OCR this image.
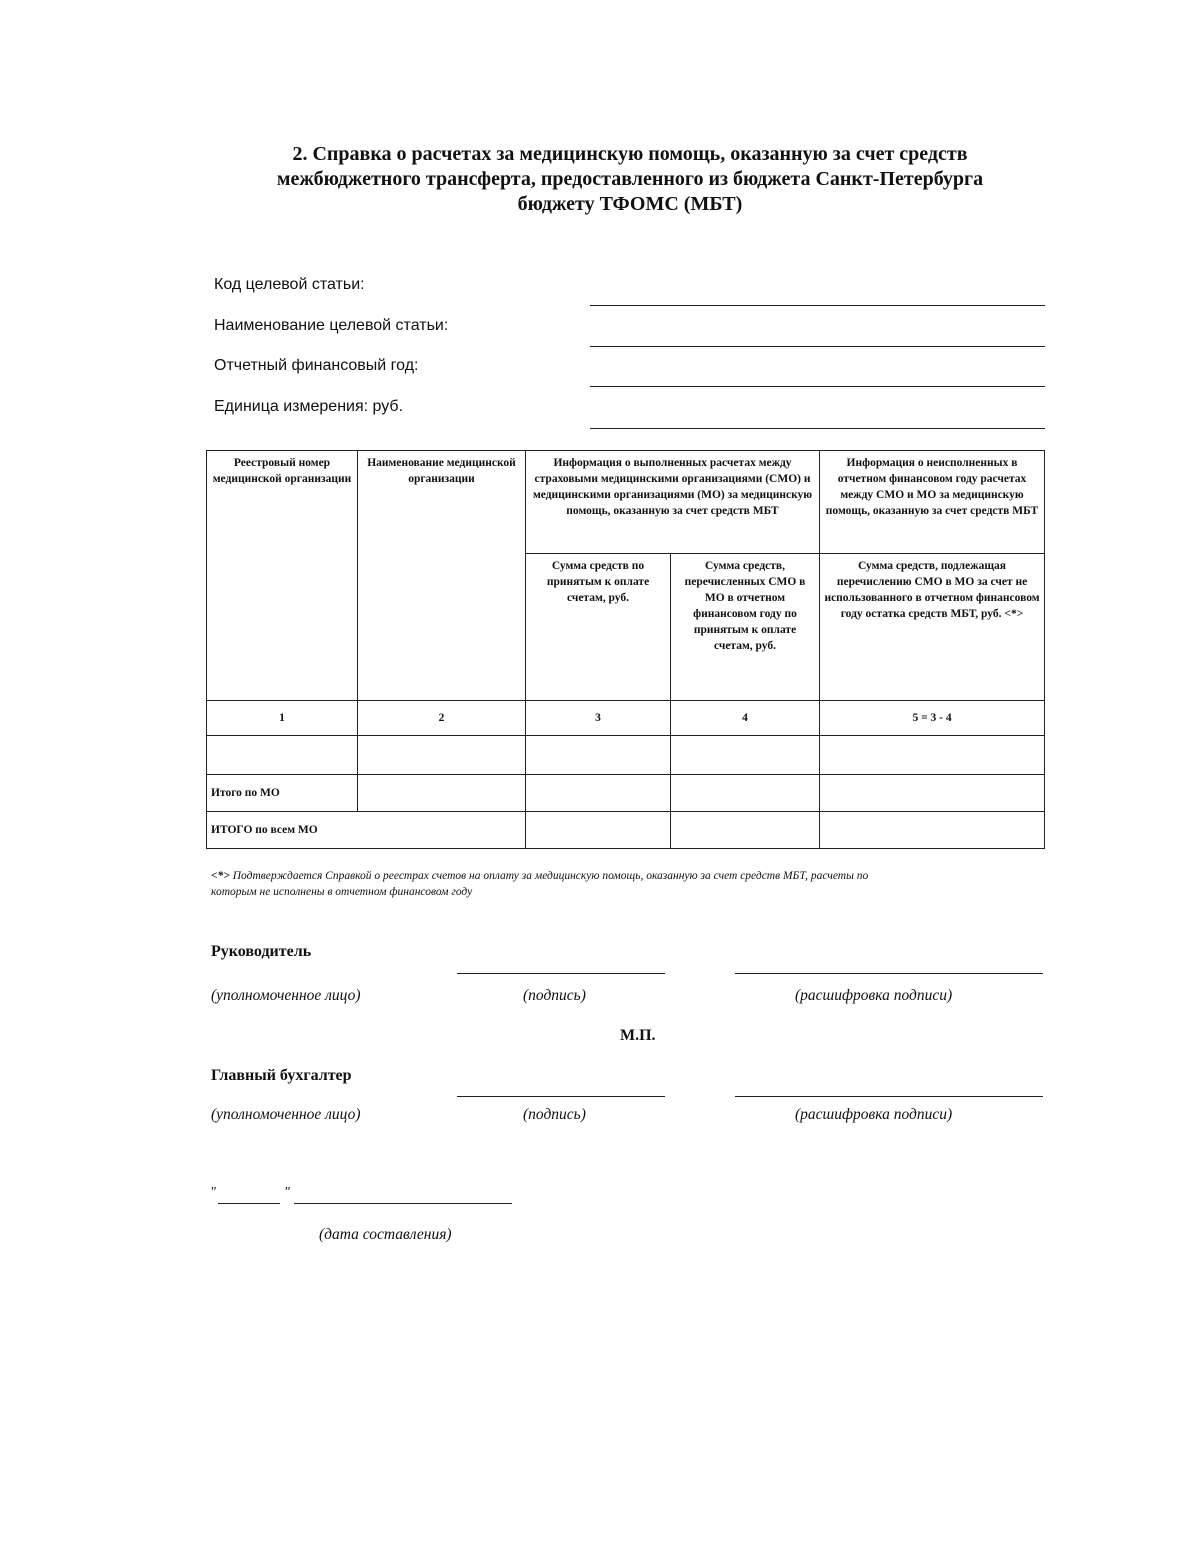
2. Справка о расчетах за медицинскую помощь, оказанную за счет средств
межбюджетного трансферта, предоставленного из бюджета Санкт-Петербурга
бюджету ТФОМС (МБТ)
Код целевой статьи:
Наименование целевой статьи:
Отчетный финансовый год:
Единица измерения: руб.
Реестровый номер медицинской организации	Наименование медицинской организации	Информация о выполненных расчетах между страховыми медицинскими организациями (СМО) и медицинскими организациями (МО) за медицинскую помощь, оказанную за счет средств МБТ		Информация о неисполненных в отчетном финансовом году расчетах между СМО и МО за медицинскую помощь, оказанную за счет средств МБТ
		Сумма средств по принятым к оплате счетам, руб.	Сумма средств, перечисленных СМО в МО в отчетном финансовом году по принятым к оплате счетам, руб.	Сумма средств, подлежащая перечислению СМО в МО за счет не использованного в отчетном финансовом году остатка средств МБТ, руб. <*>
1	2	3	4	5 = 3 - 4

Итого по МО				
ИТОГО по всем МО				
<*> Подтверждается Справкой о реестрах счетов на оплату за медицинскую помощь, оказанную за счет средств МБТ, расчеты по которым не исполнены в отчетном финансовом году
Руководитель
(уполномоченное лицо)	(подпись)	(расшифровка подписи)
М.П.
Главный бухгалтер
(уполномоченное лицо)	(подпись)	(расшифровка подписи)
"	"
(дата составления)
